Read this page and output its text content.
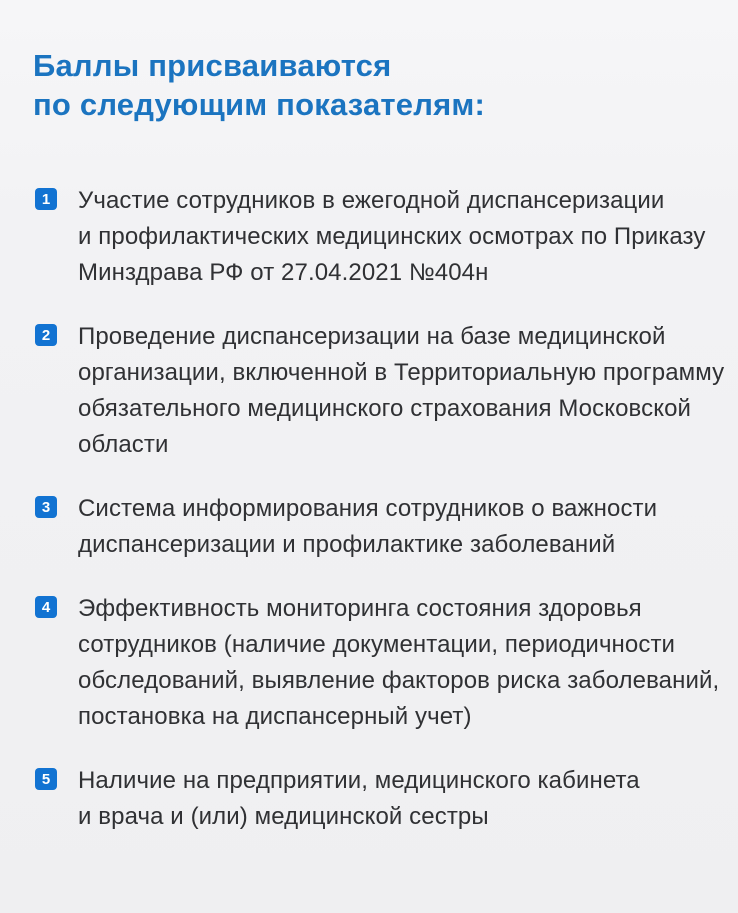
Баллы присваиваются
по следующим показателям:
1 Участие сотрудников в ежегодной диспансеризации
и профилактических медицинских осмотрах по Приказу
Минздрава РФ от 27.04.2021 №404н
2 Проведение диспансеризации на базе медицинской
организации, включенной в Территориальную программу
обязательного медицинского страхования Московской
области
3 Система информирования сотрудников о важности
диспансеризации и профилактике заболеваний
4 Эффективность мониторинга состояния здоровья
сотрудников (наличие документации, периодичности
обследований, выявление факторов риска заболеваний,
постановка на диспансерный учет)
5 Наличие на предприятии, медицинского кабинета
и врача и (или) медицинской сестры
